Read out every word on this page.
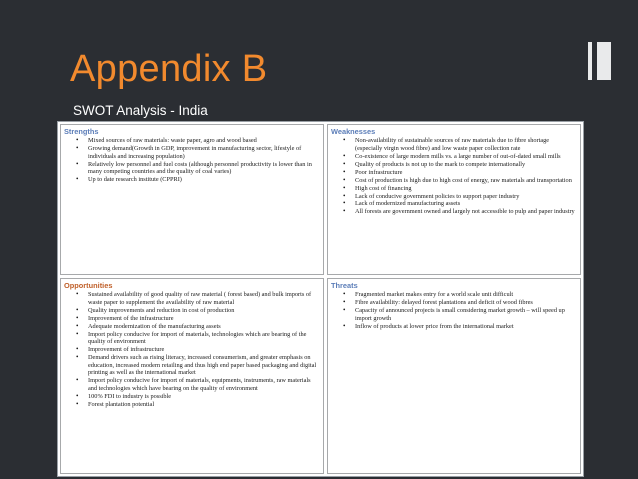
Appendix B
SWOT Analysis - India
Strengths
• Mixed sources of raw materials: waste paper, agro and wood based
• Growing demand(Growth in GDP, improvement in manufacturing sector, lifestyle of individuals and increasing population)
• Relatively low personnel and fuel costs (although personnel productivity is lower than in many competing countries and the quality of coal varies)
• Up to date research institute (CPPRI)
Weaknesses
• Non-availability of sustainable sources of raw materials due to fibre shortage (especially virgin wood fibre) and low waste paper collection rate
• Co-existence of large modern mills vs. a large number of out-of-dated small mills
• Quality of products is not up to the mark to compete internationally
• Poor infrastructure
• Cost of production is high due to high cost of energy, raw materials and transportation
• High cost of financing
• Lack of conducive government policies to support paper industry
• Lack of modernized manufacturing assets
• All forests are government owned and largely not accessible to pulp and paper industry
Opportunities
• Sustained availability of good quality of raw material ( forest based) and bulk imports of waste paper to supplement the availability of raw material
• Quality improvements and reduction in cost of production
• Improvement of the infrastructure
• Adequate modernization of the manufacturing assets
• Import policy conducive for import of materials, technologies which are bearing of the quality of environment
• Improvement of infrastructure
• Demand drivers such as rising literacy, increased consumerism, and greater emphasis on education, increased modern retailing and thus high end paper based packaging and digital printing as well as the international market
• Import policy conducive for import of materials, equipments, instruments, raw materials and technologies which have bearing on the quality of environment
• 100% FDI to industry is possible
• Forest plantation potential
Threats
• Fragmented market makes entry for a world scale unit difficult
• Fibre availability: delayed forest plantations and deficit of wood fibres
• Capacity of announced projects is small considering market growth – will speed up import growth
• Inflow of products at lower price from the international market
